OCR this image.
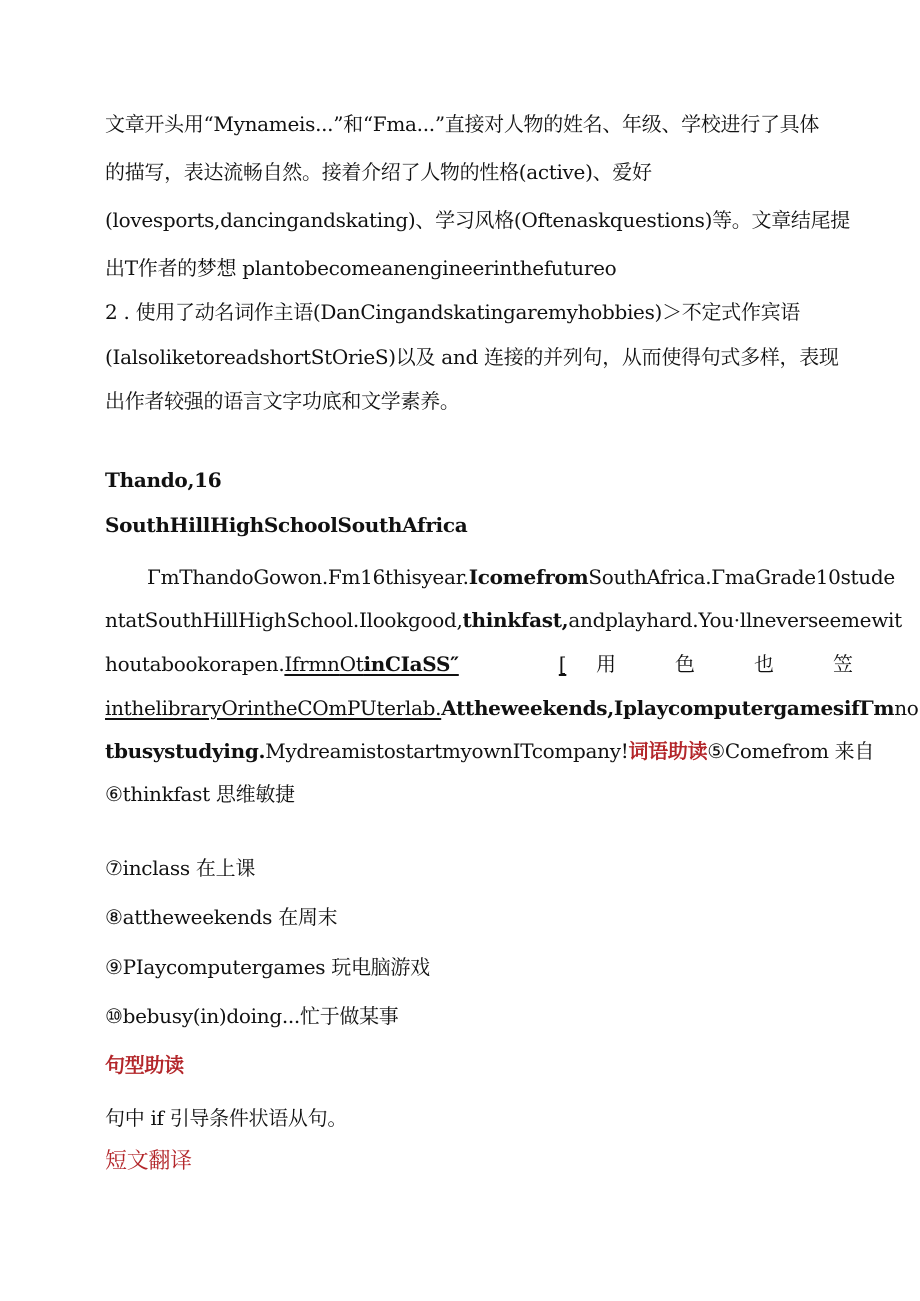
文章开头用“Mynameis...”和“Fma...”直接对人物的姓名、年级、学校进行了具体
的描写，表达流畅自然。接着介绍了人物的性格(active)、爱好
(lovesports,dancingandskating)、学习风格(Oftenaskquestions)等。文章结尾提
出T作者的梦想 plantobecomeanengineerinthefutureo
2 . 使用了动名词作主语(DanCingandskatingaremyhobbies)＞不定式作宾语
(IalsoliketoreadshortStOrieS)以及 and 连接的并列句，从而使得句式多样，表现
出作者较强的语言文字功底和文学素养。
Thando,16
SouthHillHighSchoolSouthAfrica
ΓmThandoGowon.Fm16thisyear.IcomefromSouthAfrica.ΓmaGrade10stude
ntatSouthHillHighSchool.Ilookgood,thinkfast,andplayhard.You·llneverseemewit
houtabookorapen.IfrmnOtinCIaSS″	[ 用	色	也	笠
inthelibraryOrintheCOmPUterlab.Attheweekends,IplaycomputergamesifΓmno
tbusystudying.MydreamistostartmyownITcompany!词语助读⑤Comefrom 来自
⑥thinkfast 思维敏捷
⑦inclass 在上课
⑧attheweekends 在周末
⑨PIaycomputergames 玩电脑游戏
⑩bebusy(in)doing...忙于做某事
句型助读
句中 if 引导条件状语从句。
短文翻译
